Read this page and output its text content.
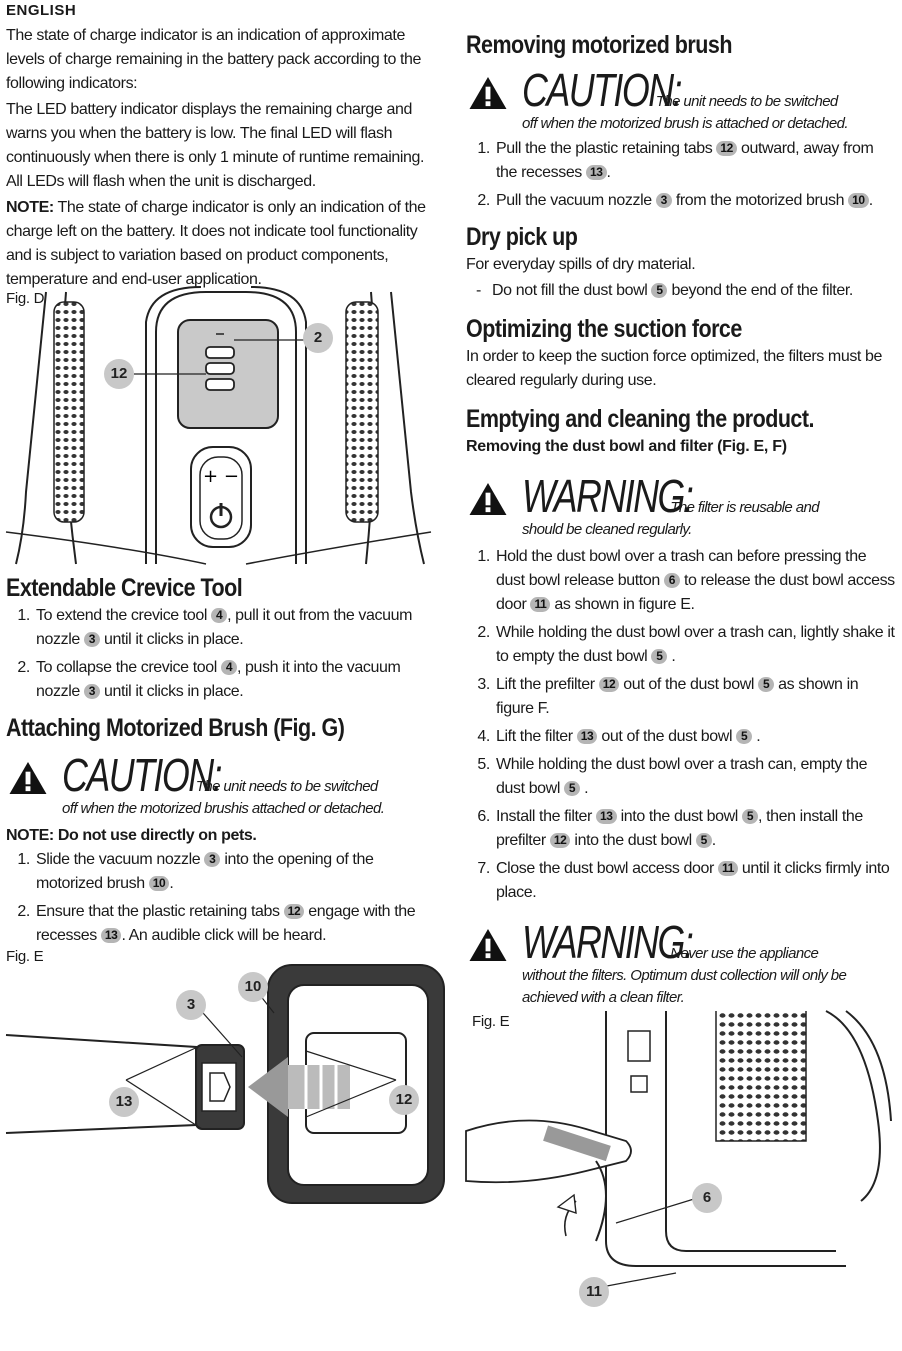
ENGLISH

The state of charge indicator is an indication of approximate levels of charge remaining in the battery pack according to the following indicators:

The LED battery indicator displays the remaining charge and warns you when the battery is low. The final LED will flash continuously when there is only 1 minute of runtime remaining. All LEDs will flash when the unit is discharged.

NOTE: The state of charge indicator is only an indication of the charge left on the battery. It does not indicate tool functionality and is subject to variation based on product components, temperature and end-user application.

Fig. D
+ −
2
12
Extendable Crevice Tool
1. To extend the crevice tool 4 , pull it out from the vacuum nozzle 3 until it clicks in place.
2. To collapse the crevice tool 4 , push it into the vacuum nozzle 3 until it clicks in place.
Attaching Motorized Brush (Fig. G)
CAUTION:
The unit needs to be switched
off when the motorized brushis attached or detached.

NOTE: Do not use directly on pets.

1. Slide the vacuum nozzle 3 into the opening of the motorized brush 10 .
2. Ensure that the plastic retaining tabs 12 engage with the recesses 13 . An audible click will be heard.
Fig. E
3
10
13	12
Removing motorized brush
CAUTION:
The unit needs to be switched
off when the motorized brush is attached or detached.
1. Pull the the plastic retaining tabs 12 outward, away from the recesses 13 .
2. Pull the vacuum nozzle 3 from the motorized brush 10 .
Dry pick up

For everyday spills of dry material.

- Do not fill the dust bowl 5 beyond the end of the filter.

Optimizing the suction force

In order to keep the suction force optimized, the filters must be cleared regularly during use.

Emptying and cleaning the product.
Removing the dust bowl and filter (Fig. E, F)
WARNING:
The filter is reusable and
should be cleaned regularly.
1. Hold the dust bowl over a trash can before pressing the dust bowl release button 6 to release the dust bowl access door 11 as shown in figure E.
2. While holding the dust bowl over a trash can, lightly shake it to empty the dust bowl 5 .
3. Lift the prefilter 12 out of the dust bowl 5 as shown in figure F.
4. Lift the filter 13 out of the dust bowl 5 .
5. While holding the dust bowl over a trash can, empty the dust bowl 5 .
6. Install the filter 13 into the dust bowl 5 , then install the prefilter 12 into the dust bowl 5 .
7. Close the dust bowl access door 11 until it clicks firmly into place.
WARNING:
Never use the appliance
without the filters. Optimum dust collection will only be achieved with a clean filter.
Fig. E
6
11
